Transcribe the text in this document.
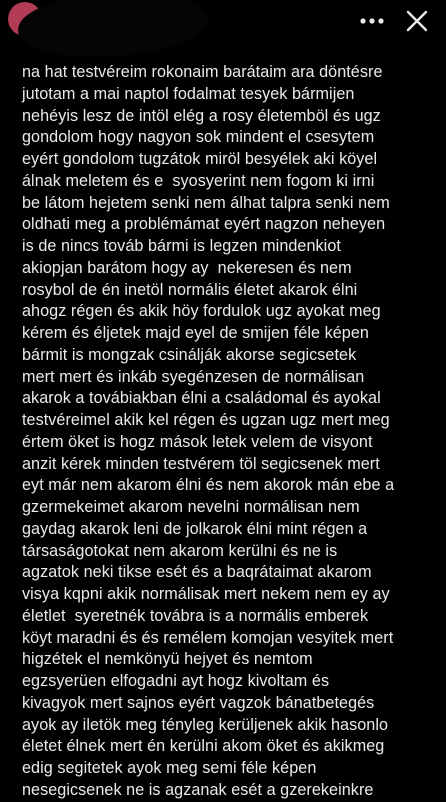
na hat testvéreim rokonaim barátaim ara döntésre
jutotam a mai naptol fodalmat tesyek bármijen
nehéyis lesz de intöl elég a rosy életemböl és ugz
gondolom hogy nagyon sok mindent el csesytem
eyért gondolom tugzátok miröl besyélek aki köyel
álnak meletem és e  syosyerint nem fogom ki irni
be látom hejetem senki nem álhat talpra senki nem
oldhati meg a problémámat eyért nagzon neheyen
is de nincs továb bármi is legzen mindenkiot
akiopjan barátom hogy ay  nekeresen és nem
rosybol de én inetöl normális életet akarok élni
ahogz régen és akik höy fordulok ugz ayokat meg
kérem és éljetek majd eyel de smijen féle képen
bármit is mongzak csinálják akorse segicsetek
mert mert és inkáb syegénzesen de normálisan
akarok a továbiakban élni a családomal és ayokal
testvéreimel akik kel régen és ugzan ugz mert meg
értem öket is hogz mások letek velem de visyont
anzit kérek minden testvérem töl segicsenek mert
eyt már nem akarom élni és nem akorok mán ebe a
gzermekeimet akarom nevelni normálisan nem
gaydag akarok leni de jolkarok élni mint régen a
társaságotokat nem akarom kerülni és ne is
agzatok neki tikse esét és a baqrátaimat akarom
visya kqpni akik normálisak mert nekem nem ey ay
életlet  syeretnék továbra is a normális emberek
köyt maradni és és remélem komojan vesyitek mert
higzétek el nemkönyü hejyet és nemtom
egzsyerüen elfogadni ayt hogz kivoltam és
kivagyok mert sajnos eyért vagzok bánatbetegés
ayok ay iletök meg tényleg kerüljenek akik hasonlo
életet élnek mert én kerülni akom öket és akikmeg
edig segitetek ayok meg semi féle képen
nesegicsenek ne is agzanak esét a gzerekeinkre
